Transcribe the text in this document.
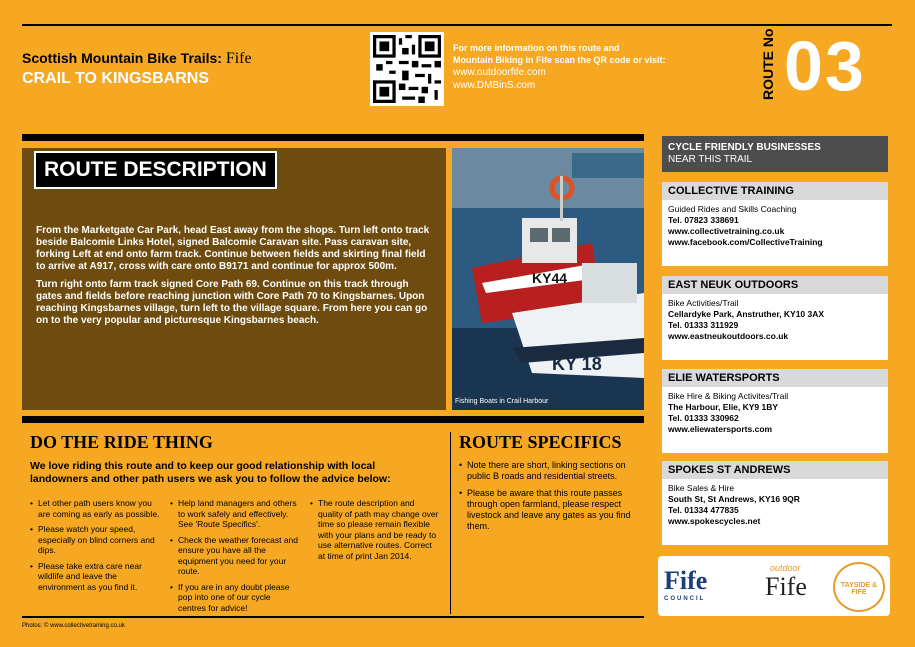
Scottish Mountain Bike Trails: Fife
CRAIL TO KINGSBARNS
For more information on this route and
Mountain Biking in Fife scan the QR code or visit:
www.outdoorfife.com
www.DMBinS.com	ROUTE No 03
ROUTE DESCRIPTION

From the Marketgate Car Park, head East away from the shops. Turn left onto track beside Balcomie Links Hotel, signed Balcomie Caravan site. Pass caravan site, forking Left at end onto farm track. Continue between fields and skirting final field to arrive at A917, cross with care onto B9171 and continue for approx 500m.

Turn right onto farm track signed Core Path 69. Continue on this track through gates and fields before reaching junction with Core Path 70 to Kingsbarnes. Upon reaching Kingsbarnes village, turn left to the village square. From here you can go on to the very popular and picturesque Kingsbarnes beach.

KY44
KY 18
Fishing Boats in Crail Harbour
DO THE RIDE THING
We love riding this route and to keep our good relationship with local landowners and other path users we ask you to follow the advice below:
• Let other path users know you are coming as early as possible.
• Please watch your speed, especially on blind corners and dips.
• Please take extra care near wildlife and leave the environment as you find it.
• Help land managers and others to work safely and effectively. See 'Route Specifics'.
• Check the weather forecast and ensure you have all the equipment you need for your route.
• If you are in any doubt please pop into one of our cycle centres for advice!
• The route description and quality of path may change over time so please remain flexible with your plans and be ready to use alternative routes. Correct at time of print Jan 2014.
ROUTE SPECIFICS
• Note there are short, linking sections on public B roads and residential streets.
• Please be aware that this route passes through open farmland, please respect livestock and leave any gates as you find them.
Photos: © www.collectivetraining.co.uk
CYCLE FRIENDLY BUSINESSES
NEAR THIS TRAIL
COLLECTIVE TRAINING
Guided Rides and Skills Coaching
Tel. 07823 338691
www.collectivetraining.co.uk
www.facebook.com/CollectiveTraining
EAST NEUK OUTDOORS
Bike Activities/Trail
Cellardyke Park, Anstruther, KY10 3AX
Tel. 01333 311929
www.eastneukoutdoors.co.uk
ELIE WATERSPORTS
Bike Hire & Biking Activites/Trail
The Harbour, Elie, KY9 1BY
Tel. 01333 330962
www.eliewatersports.com
SPOKES ST ANDREWS
Bike Sales & Hire
South St, St Andrews, KY16 9QR
Tel. 01334 477835
www.spokescycles.net
Fife
COUNCIL
outdoor
Fife	TAYSIDE & FIFE
